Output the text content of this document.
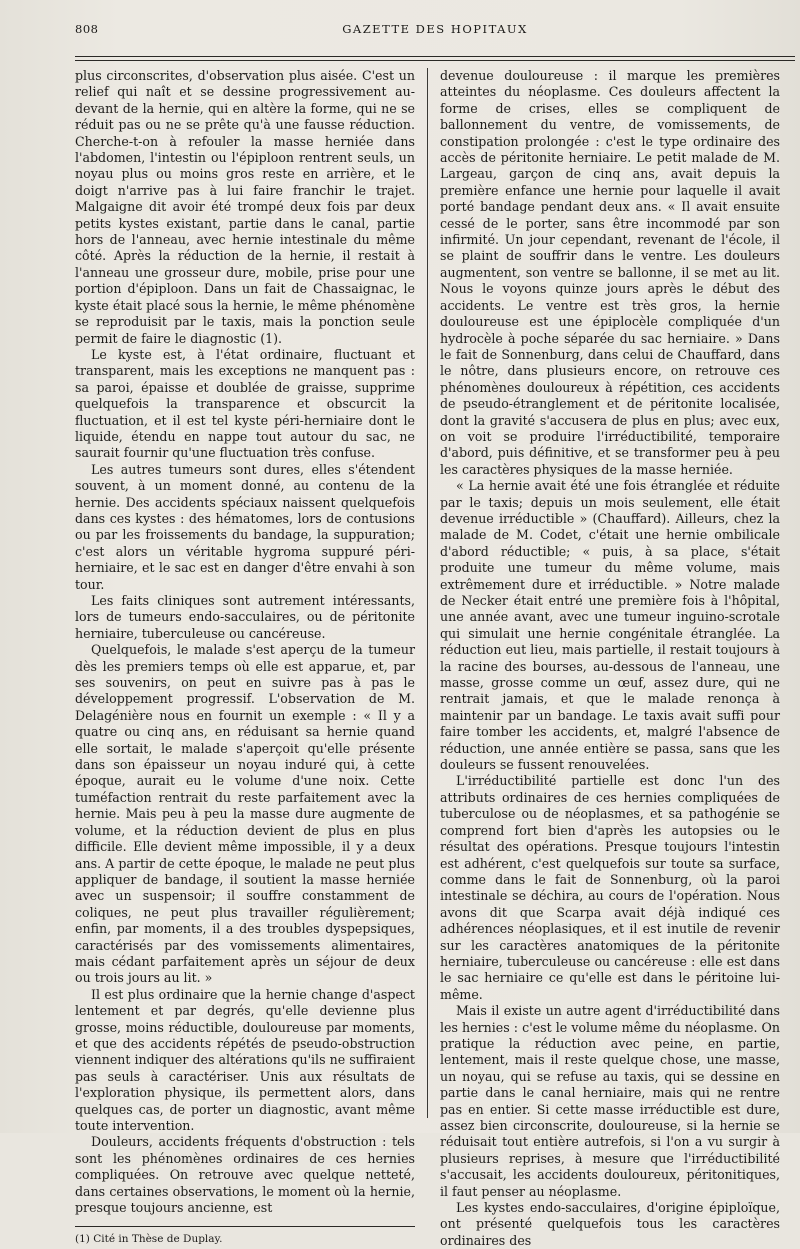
808	GAZETTE DES HOPITAUX

plus circonscrites, d'observation plus aisée. C'est un relief qui naît et se dessine progressivement au-devant de la hernie, qui en altère la forme, qui ne se réduit pas ou ne se prête qu'à une fausse réduction. Cherche-t-on à refouler la masse herniée dans l'abdomen, l'intestin ou l'épiploon rentrent seuls, un noyau plus ou moins gros reste en arrière, et le doigt n'arrive pas à lui faire franchir le trajet. Malgaigne dit avoir été trompé deux fois par deux petits kystes existant, partie dans le canal, partie hors de l'anneau, avec hernie intestinale du même côté. Après la réduction de la hernie, il restait à l'anneau une grosseur dure, mobile, prise pour une portion d'épiploon. Dans un fait de Chassaignac, le kyste était placé sous la hernie, le même phénomène se reproduisit par le taxis, mais la ponction seule permit de faire le diagnostic (1).

Le kyste est, à l'état ordinaire, fluctuant et transparent, mais les exceptions ne manquent pas : sa paroi, épaisse et doublée de graisse, supprime quelquefois la transparence et obscurcit la fluctuation, et il est tel kyste péri-herniaire dont le liquide, étendu en nappe tout autour du sac, ne saurait fournir qu'une fluctuation très confuse.

Les autres tumeurs sont dures, elles s'étendent souvent, à un moment donné, au contenu de la hernie. Des accidents spéciaux naissent quelquefois dans ces kystes : des hématomes, lors de contusions ou par les froissements du bandage, la suppuration; c'est alors un véritable hygroma suppuré péri-herniaire, et le sac est en danger d'être envahi à son tour.

Les faits cliniques sont autrement intéressants, lors de tumeurs endo-sacculaires, ou de péritonite herniaire, tuberculeuse ou cancéreuse.

Quelquefois, le malade s'est aperçu de la tumeur dès les premiers temps où elle est apparue, et, par ses souvenirs, on peut en suivre pas à pas le développement progressif. L'observation de M. Delagénière nous en fournit un exemple : « Il y a quatre ou cinq ans, en réduisant sa hernie quand elle sortait, le malade s'aperçoit qu'elle présente dans son épaisseur un noyau induré qui, à cette époque, aurait eu le volume d'une noix. Cette tuméfaction rentrait du reste parfaitement avec la hernie. Mais peu à peu la masse dure augmente de volume, et la réduction devient de plus en plus difficile. Elle devient même impossible, il y a deux ans. A partir de cette époque, le malade ne peut plus appliquer de bandage, il soutient la masse herniée avec un suspensoir; il souffre constamment de coliques, ne peut plus travailler régulièrement; enfin, par moments, il a des troubles dyspepsiques, caractérisés par des vomissements alimentaires, mais cédant parfaitement après un séjour de deux ou trois jours au lit. »

Il est plus ordinaire que la hernie change d'aspect lentement et par degrés, qu'elle devienne plus grosse, moins réductible, douloureuse par moments, et que des accidents répétés de pseudo-obstruction viennent indiquer des altérations qu'ils ne suffiraient pas seuls à caractériser. Unis aux résultats de l'exploration physique, ils permettent alors, dans quelques cas, de porter un diagnostic, avant même toute intervention.

Douleurs, accidents fréquents d'obstruction : tels sont les phénomènes ordinaires de ces hernies compliquées. On retrouve avec quelque netteté, dans certaines observations, le moment où la hernie, presque toujours ancienne, est

(1) Cité in Thèse de Duplay.

devenue douloureuse : il marque les premières atteintes du néoplasme. Ces douleurs affectent la forme de crises, elles se compliquent de ballonnement du ventre, de vomissements, de constipation prolongée : c'est le type ordinaire des accès de péritonite herniaire. Le petit malade de M. Largeau, garçon de cinq ans, avait depuis la première enfance une hernie pour laquelle il avait porté bandage pendant deux ans. « Il avait ensuite cessé de le porter, sans être incommodé par son infirmité. Un jour cependant, revenant de l'école, il se plaint de souffrir dans le ventre. Les douleurs augmentent, son ventre se ballonne, il se met au lit. Nous le voyons quinze jours après le début des accidents. Le ventre est très gros, la hernie douloureuse est une épiplocèle compliquée d'un hydrocèle à poche séparée du sac herniaire. » Dans le fait de Sonnenburg, dans celui de Chauffard, dans le nôtre, dans plusieurs encore, on retrouve ces phénomènes douloureux à répétition, ces accidents de pseudo-étranglement et de péritonite localisée, dont la gravité s'accusera de plus en plus; avec eux, on voit se produire l'irréductibilité, temporaire d'abord, puis définitive, et se transformer peu à peu les caractères physiques de la masse herniée.

« La hernie avait été une fois étranglée et réduite par le taxis; depuis un mois seulement, elle était devenue irréductible » (Chauffard). Ailleurs, chez la malade de M. Codet, c'était une hernie ombilicale d'abord réductible; « puis, à sa place, s'était produite une tumeur du même volume, mais extrêmement dure et irréductible. » Notre malade de Necker était entré une première fois à l'hôpital, une année avant, avec une tumeur inguino-scrotale qui simulait une hernie congénitale étranglée. La réduction eut lieu, mais partielle, il restait toujours à la racine des bourses, au-dessous de l'anneau, une masse, grosse comme un œuf, assez dure, qui ne rentrait jamais, et que le malade renonça à maintenir par un bandage. Le taxis avait suffi pour faire tomber les accidents, et, malgré l'absence de réduction, une année entière se passa, sans que les douleurs se fussent renouvelées.

L'irréductibilité partielle est donc l'un des attributs ordinaires de ces hernies compliquées de tuberculose ou de néoplasmes, et sa pathogénie se comprend fort bien d'après les autopsies ou le résultat des opérations. Presque toujours l'intestin est adhérent, c'est quelquefois sur toute sa surface, comme dans le fait de Sonnenburg, où la paroi intestinale se déchira, au cours de l'opération. Nous avons dit que Scarpa avait déjà indiqué ces adhérences néoplasiques, et il est inutile de revenir sur les caractères anatomiques de la péritonite herniaire, tuberculeuse ou cancéreuse : elle est dans le sac herniaire ce qu'elle est dans le péritoine lui-même.

Mais il existe un autre agent d'irréductibilité dans les hernies : c'est le volume même du néoplasme. On pratique la réduction avec peine, en partie, lentement, mais il reste quelque chose, une masse, un noyau, qui se refuse au taxis, qui se dessine en partie dans le canal herniaire, mais qui ne rentre pas en entier. Si cette masse irréductible est dure, assez bien circonscrite, douloureuse, si la hernie se réduisait tout entière autrefois, si l'on a vu surgir à plusieurs reprises, à mesure que l'irréductibilité s'accusait, les accidents douloureux, péritonitiques, il faut penser au néoplasme.

Les kystes endo-sacculaires, d'origine épiploïque, ont présenté quelquefois tous les caractères ordinaires des
